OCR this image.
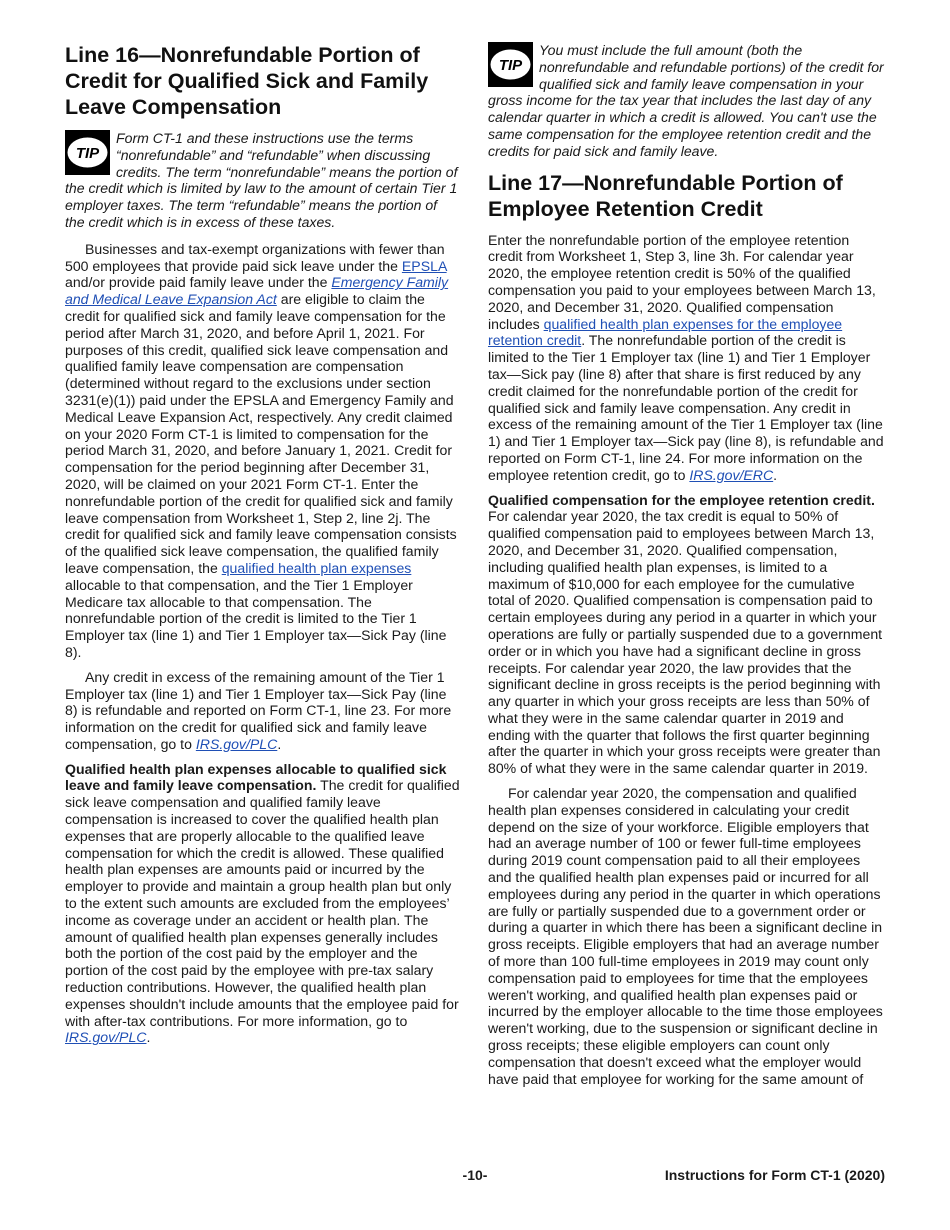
Line 16—Nonrefundable Portion of Credit for Qualified Sick and Family Leave Compensation
TIP
Form CT-1 and these instructions use the terms “nonrefundable” and “refundable” when discussing credits. The term “nonrefundable” means the portion of the credit which is limited by law to the amount of certain Tier 1 employer taxes. The term “refundable” means the portion of the credit which is in excess of these taxes.

Businesses and tax-exempt organizations with fewer than 500 employees that provide paid sick leave under the EPSLA and/or provide paid family leave under the Emergency Family and Medical Leave Expansion Act are eligible to claim the credit for qualified sick and family leave compensation for the period after March 31, 2020, and before April 1, 2021. For purposes of this credit, qualified sick leave compensation and qualified family leave compensation are compensation (determined without regard to the exclusions under section 3231(e)(1)) paid under the EPSLA and Emergency Family and Medical Leave Expansion Act, respectively. Any credit claimed on your 2020 Form CT-1 is limited to compensation for the period March 31, 2020, and before January 1, 2021. Credit for compensation for the period beginning after December 31, 2020, will be claimed on your 2021 Form CT-1. Enter the nonrefundable portion of the credit for qualified sick and family leave compensation from Worksheet 1, Step 2, line 2j. The credit for qualified sick and family leave compensation consists of the qualified sick leave compensation, the qualified family leave compensation, the qualified health plan expenses allocable to that compensation, and the Tier 1 Employer Medicare tax allocable to that compensation. The nonrefundable portion of the credit is limited to the Tier 1 Employer tax (line 1) and Tier 1 Employer tax—Sick Pay (line 8).

Any credit in excess of the remaining amount of the Tier 1 Employer tax (line 1) and Tier 1 Employer tax—Sick Pay (line 8) is refundable and reported on Form CT-1, line 23. For more information on the credit for qualified sick and family leave compensation, go to IRS.gov/PLC.

Qualified health plan expenses allocable to qualified sick leave and family leave compensation. The credit for qualified sick leave compensation and qualified family leave compensation is increased to cover the qualified health plan expenses that are properly allocable to the qualified leave compensation for which the credit is allowed. These qualified health plan expenses are amounts paid or incurred by the employer to provide and maintain a group health plan but only to the extent such amounts are excluded from the employees’ income as coverage under an accident or health plan. The amount of qualified health plan expenses generally includes both the portion of the cost paid by the employer and the portion of the cost paid by the employee with pre-tax salary reduction contributions. However, the qualified health plan expenses shouldn't include amounts that the employee paid for with after-tax contributions. For more information, go to IRS.gov/PLC.

TIP
You must include the full amount (both the nonrefundable and refundable portions) of the credit for qualified sick and family leave compensation in your gross income for the tax year that includes the last day of any calendar quarter in which a credit is allowed. You can't use the same compensation for the employee retention credit and the credits for paid sick and family leave.
Line 17—Nonrefundable Portion of Employee Retention Credit

Enter the nonrefundable portion of the employee retention credit from Worksheet 1, Step 3, line 3h. For calendar year 2020, the employee retention credit is 50% of the qualified compensation you paid to your employees between March 13, 2020, and December 31, 2020. Qualified compensation includes qualified health plan expenses for the employee retention credit. The nonrefundable portion of the credit is limited to the Tier 1 Employer tax (line 1) and Tier 1 Employer tax—Sick pay (line 8) after that share is first reduced by any credit claimed for the nonrefundable portion of the credit for qualified sick and family leave compensation. Any credit in excess of the remaining amount of the Tier 1 Employer tax (line 1) and Tier 1 Employer tax—Sick pay (line 8), is refundable and reported on Form CT-1, line 24. For more information on the employee retention credit, go to IRS.gov/ERC.

Qualified compensation for the employee retention credit. For calendar year 2020, the tax credit is equal to 50% of qualified compensation paid to employees between March 13, 2020, and December 31, 2020. Qualified compensation, including qualified health plan expenses, is limited to a maximum of $10,000 for each employee for the cumulative total of 2020. Qualified compensation is compensation paid to certain employees during any period in a quarter in which your operations are fully or partially suspended due to a government order or in which you have had a significant decline in gross receipts. For calendar year 2020, the law provides that the significant decline in gross receipts is the period beginning with any quarter in which your gross receipts are less than 50% of what they were in the same calendar quarter in 2019 and ending with the quarter that follows the first quarter beginning after the quarter in which your gross receipts were greater than 80% of what they were in the same calendar quarter in 2019.

For calendar year 2020, the compensation and qualified health plan expenses considered in calculating your credit depend on the size of your workforce. Eligible employers that had an average number of 100 or fewer full-time employees during 2019 count compensation paid to all their employees and the qualified health plan expenses paid or incurred for all employees during any period in the quarter in which operations are fully or partially suspended due to a government order or during a quarter in which there has been a significant decline in gross receipts. Eligible employers that had an average number of more than 100 full-time employees in 2019 may count only compensation paid to employees for time that the employees weren't working, and qualified health plan expenses paid or incurred by the employer allocable to the time those employees weren't working, due to the suspension or significant decline in gross receipts; these eligible employers can count only compensation that doesn't exceed what the employer would have paid that employee for working for the same amount of

-10-	Instructions for Form CT-1 (2020)
